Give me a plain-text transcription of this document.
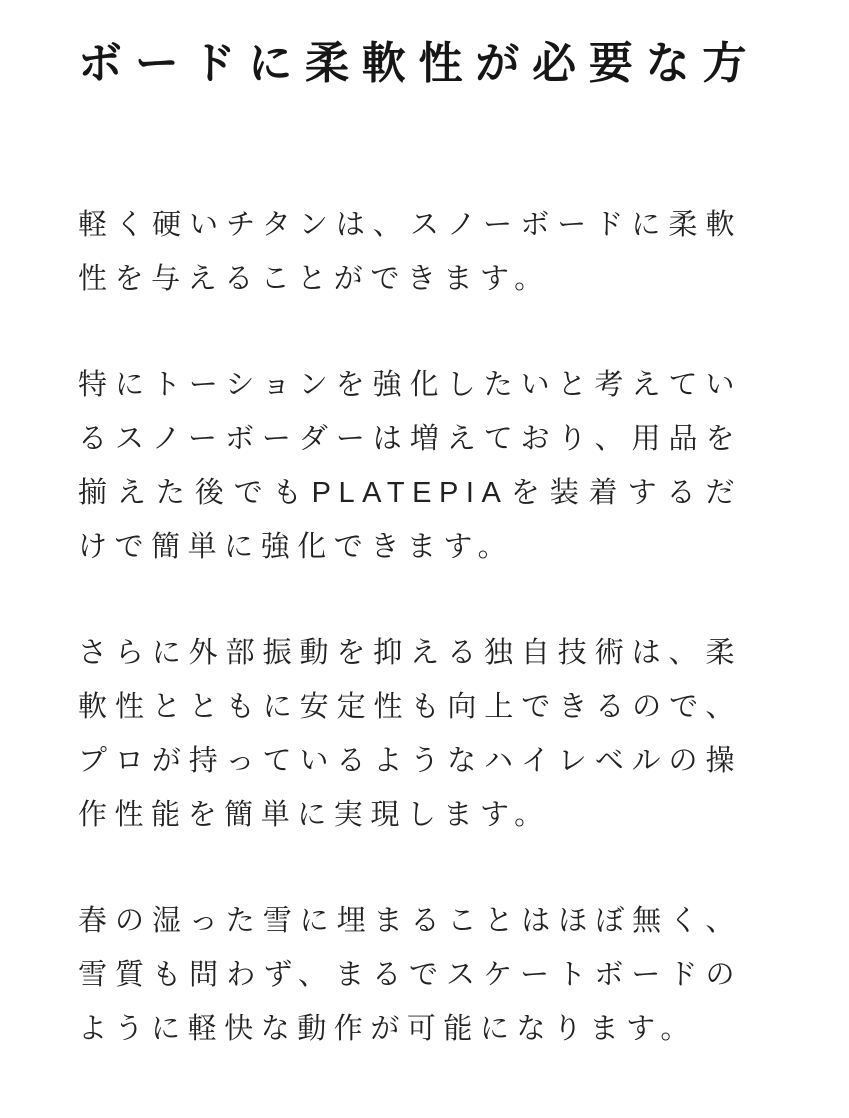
ボードに柔軟性が必要な方

軽く硬いチタンは、スノーボードに柔軟性を与えることができます。

特にトーションを強化したいと考えているスノーボーダーは増えており、用品を揃えた後でもPLATEPIAを装着するだけで簡単に強化できます。

さらに外部振動を抑える独自技術は、柔軟性とともに安定性も向上できるので、プロが持っているようなハイレベルの操作性能を簡単に実現します。

春の湿った雪に埋まることはほぼ無く、雪質も問わず、まるでスケートボードのように軽快な動作が可能になります。
